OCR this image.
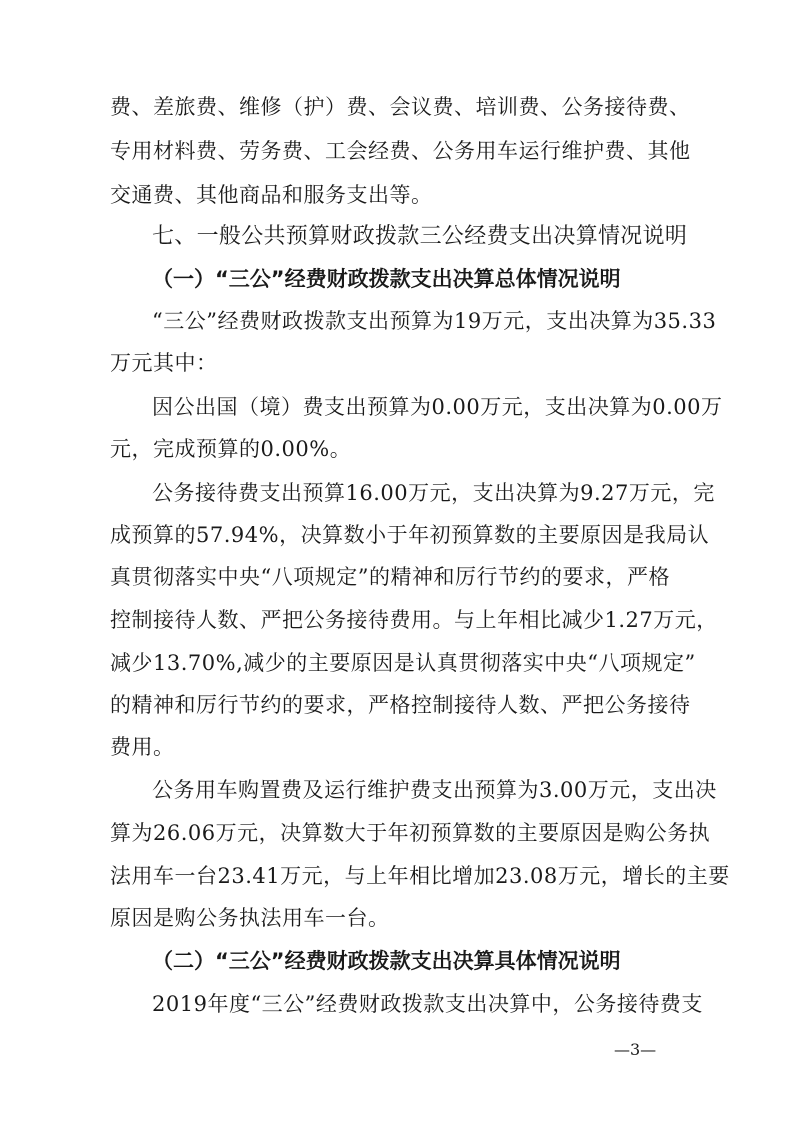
费、差旅费、维修（护）费、会议费、培训费、公务接待费、
专用材料费、劳务费、工会经费、公务用车运行维护费、其他
交通费、其他商品和服务支出等。
七、一般公共预算财政拨款三公经费支出决算情况说明
（一）“三公”经费财政拨款支出决算总体情况说明
“三公”经费财政拨款支出预算为19万元，支出决算为35.33
万元其中：
因公出国（境）费支出预算为0.00万元，支出决算为0.00万
元，完成预算的0.00%。
公务接待费支出预算16.00万元，支出决算为9.27万元，完
成预算的57.94%，决算数小于年初预算数的主要原因是我局认
真贯彻落实中央“八项规定”的精神和厉行节约的要求，严格
控制接待人数、严把公务接待费用。与上年相比减少1.27万元，
减少13.70%,减少的主要原因是认真贯彻落实中央“八项规定”
的精神和厉行节约的要求，严格控制接待人数、严把公务接待
费用。
公务用车购置费及运行维护费支出预算为3.00万元，支出决
算为26.06万元，决算数大于年初预算数的主要原因是购公务执
法用车一台23.41万元，与上年相比增加23.08万元，增长的主要
原因是购公务执法用车一台。
（二）“三公”经费财政拨款支出决算具体情况说明
2019年度“三公”经费财政拨款支出决算中，公务接待费支
—3—
